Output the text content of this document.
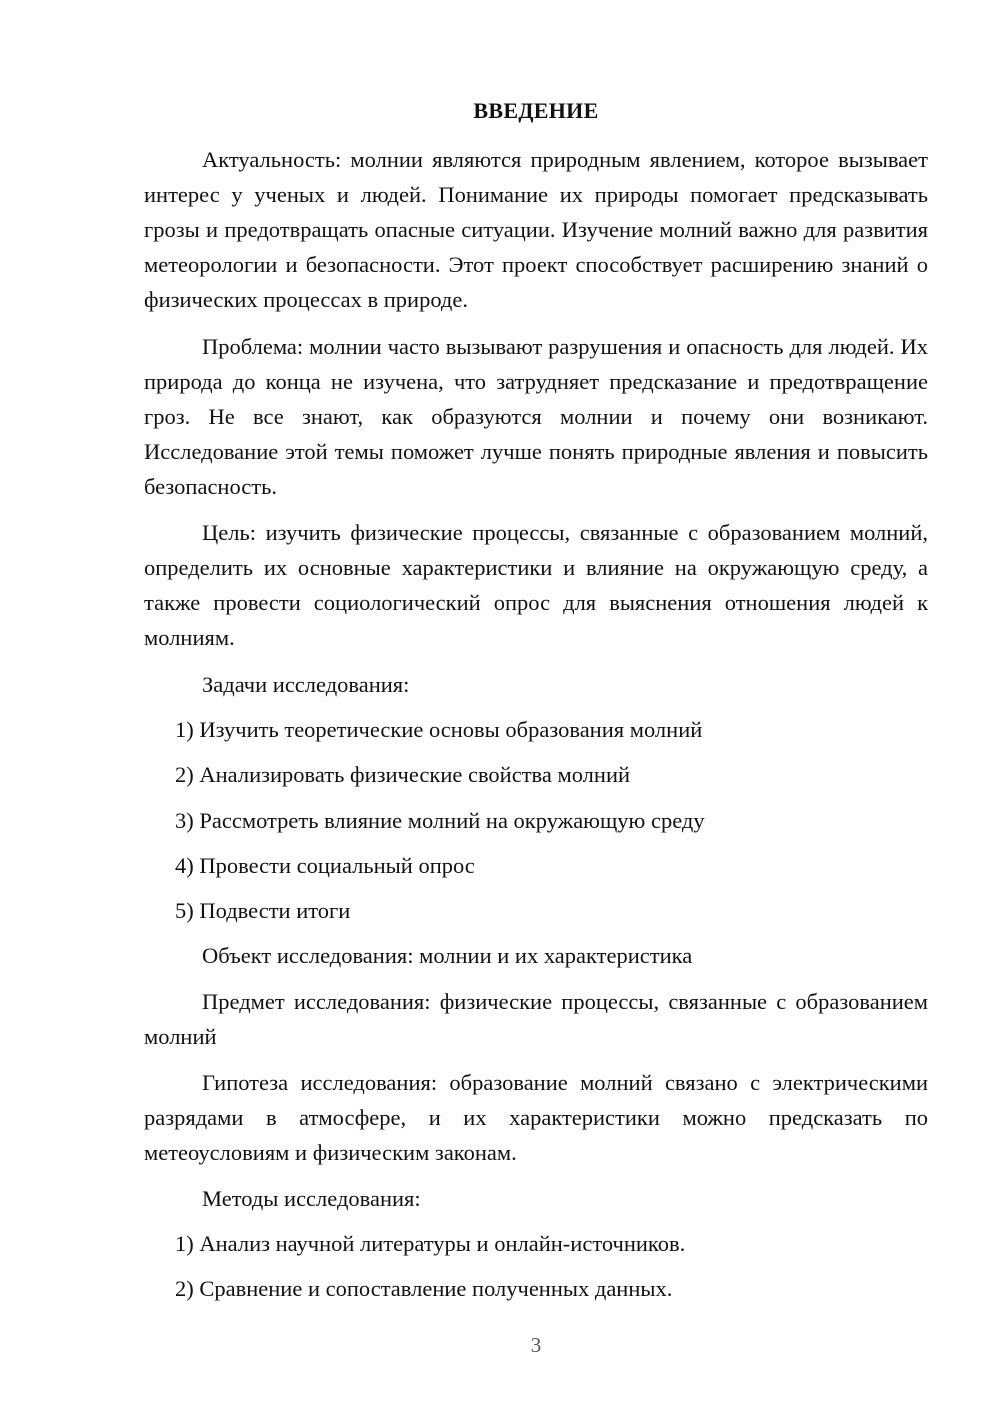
ВВЕДЕНИЕ

Актуальность: молнии являются природным явлением, которое вызывает интерес у ученых и людей. Понимание их природы помогает предсказывать грозы и предотвращать опасные ситуации. Изучение молний важно для развития метеорологии и безопасности. Этот проект способствует расширению знаний о физических процессах в природе.

Проблема: молнии часто вызывают разрушения и опасность для людей. Их природа до конца не изучена, что затрудняет предсказание и предотвращение гроз. Не все знают, как образуются молнии и почему они возникают. Исследование этой темы поможет лучше понять природные явления и повысить безопасность.

Цель: изучить физические процессы, связанные с образованием молний, определить их основные характеристики и влияние на окружающую среду, а также провести социологический опрос для выяснения отношения людей к молниям.

Задачи исследования:

1) Изучить теоретические основы образования молний

2) Анализировать физические свойства молний

3) Рассмотреть влияние молний на окружающую среду

4) Провести социальный опрос

5) Подвести итоги

Объект исследования: молнии и их характеристика

Предмет исследования: физические процессы, связанные с образованием молний

Гипотеза исследования: образование молний связано с электрическими разрядами в атмосфере, и их характеристики можно предсказать по метеоусловиям и физическим законам.

Методы исследования:

1) Анализ научной литературы и онлайн-источников.

2) Сравнение и сопоставление полученных данных.

3
